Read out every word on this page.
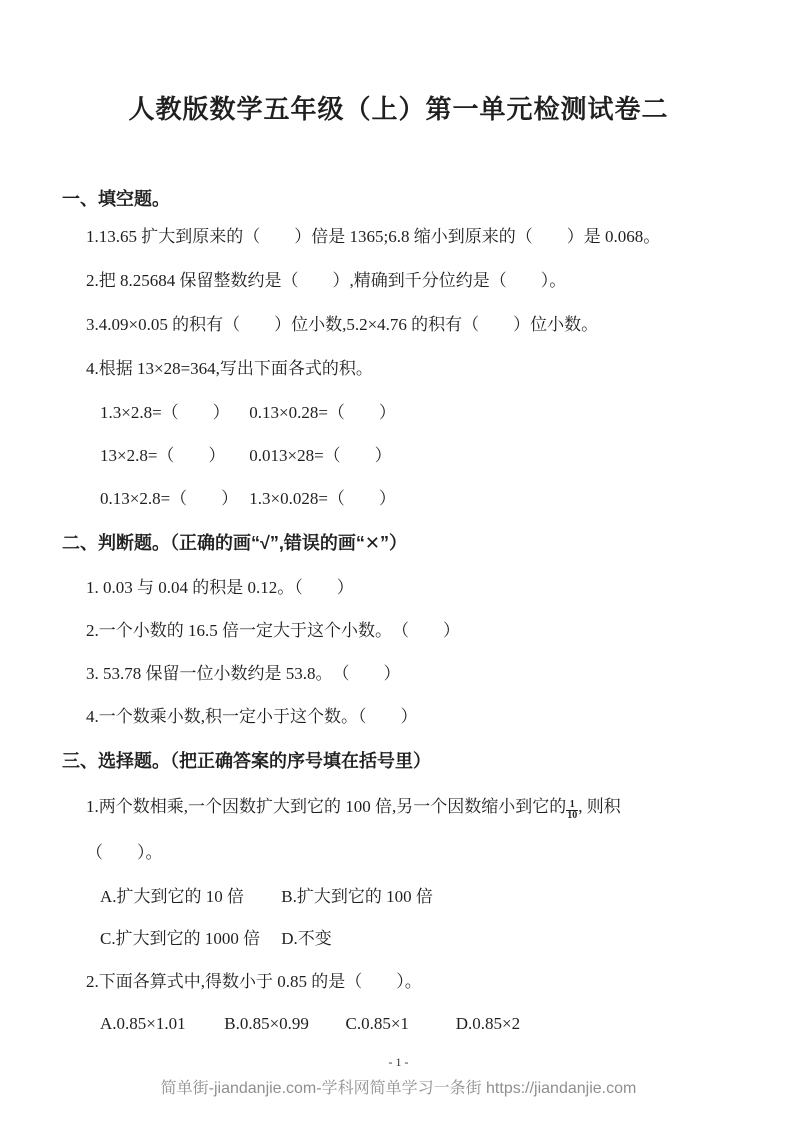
人教版数学五年级（上）第一单元检测试卷二
一、填空题。

1.13.65 扩大到原来的（　　）倍是 1365;6.8 缩小到原来的（　　）是 0.068。

2.把 8.25684 保留整数约是（　　）,精确到千分位约是（　　）。

3.4.09×0.05 的积有（　　）位小数,5.2×4.76 的积有（　　）位小数。

4.根据 13×28=364,写出下面各式的积。

1.3×2.8=（　　） 0.13×0.28=（　　）
13×2.8=（　　） 0.013×28=（　　）
0.13×2.8=（　　） 1.3×0.028=（　　）
二、判断题。（正确的画“√”,错误的画“✕”）

1. 0.03 与 0.04 的积是 0.12。（　　）

2.一个小数的 16.5 倍一定大于这个小数。　（　　）

3. 53.78 保留一位小数约是 53.8。　（　　）

4.一个数乘小数,积一定小于这个数。（　　）

三、选择题。（把正确答案的序号填在括号里）

1.两个数相乘,一个因数扩大到它的 100 倍,另一个因数缩小到它的 $\frac{1}{10}$ , 则积

（　　）。

A.扩大到它的 10 倍 B.扩大到它的 100 倍
C.扩大到它的 1000 倍 D.不变

2.下面各算式中,得数小于 0.85 的是（　　）。

A.0.85×1.01 B.0.85×0.99 C.0.85×1	D.0.85×2
- 1 -
简单街-jiandanjie.com-学科网简单学习一条街 https://jiandanjie.com
